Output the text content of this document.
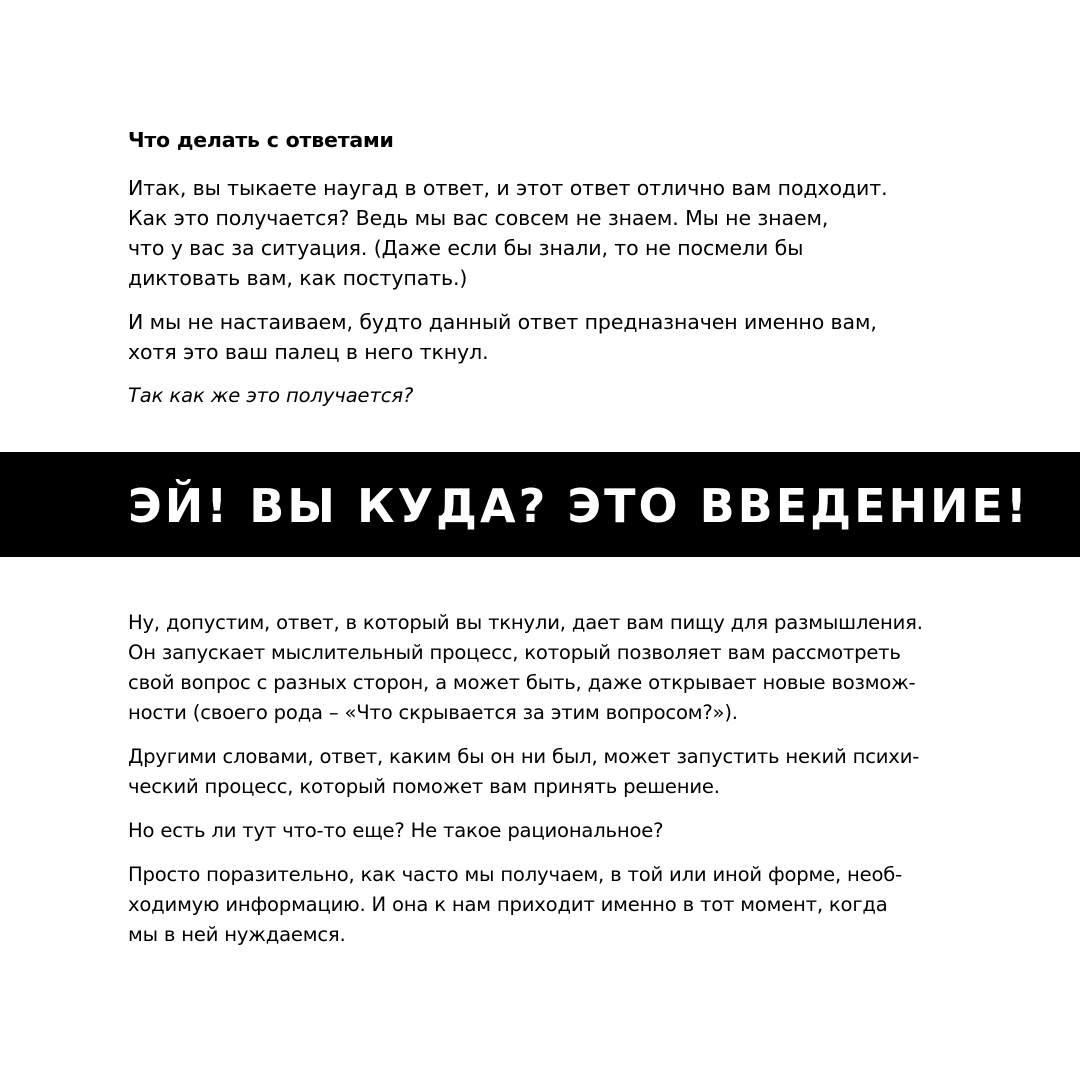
Что делать с ответами

Итак, вы тыкаете наугад в ответ, и этот ответ отлично вам подходит.
Как это получается? Ведь мы вас совсем не знаем. Мы не знаем,
что у вас за ситуация. (Даже если бы знали, то не посмели бы
диктовать вам, как поступать.)

И мы не настаиваем, будто данный ответ предназначен именно вам,
хотя это ваш палец в него ткнул.

Так как же это получается?

ЭЙ! ВЫ КУДА? ЭТО ВВЕДЕНИЕ!

Ну, допустим, ответ, в который вы ткнули, дает вам пищу для размышления.
Он запускает мыслительный процесс, который позволяет вам рассмотреть
свой вопрос с разных сторон, а может быть, даже открывает новые возмож-
ности (своего рода – «Что скрывается за этим вопросом?»).

Другими словами, ответ, каким бы он ни был, может запустить некий психи-
ческий процесс, который поможет вам принять решение.

Но есть ли тут что-то еще? Не такое рациональное?

Просто поразительно, как часто мы получаем, в той или иной форме, необ-
ходимую информацию. И она к нам приходит именно в тот момент, когда
мы в ней нуждаемся.
